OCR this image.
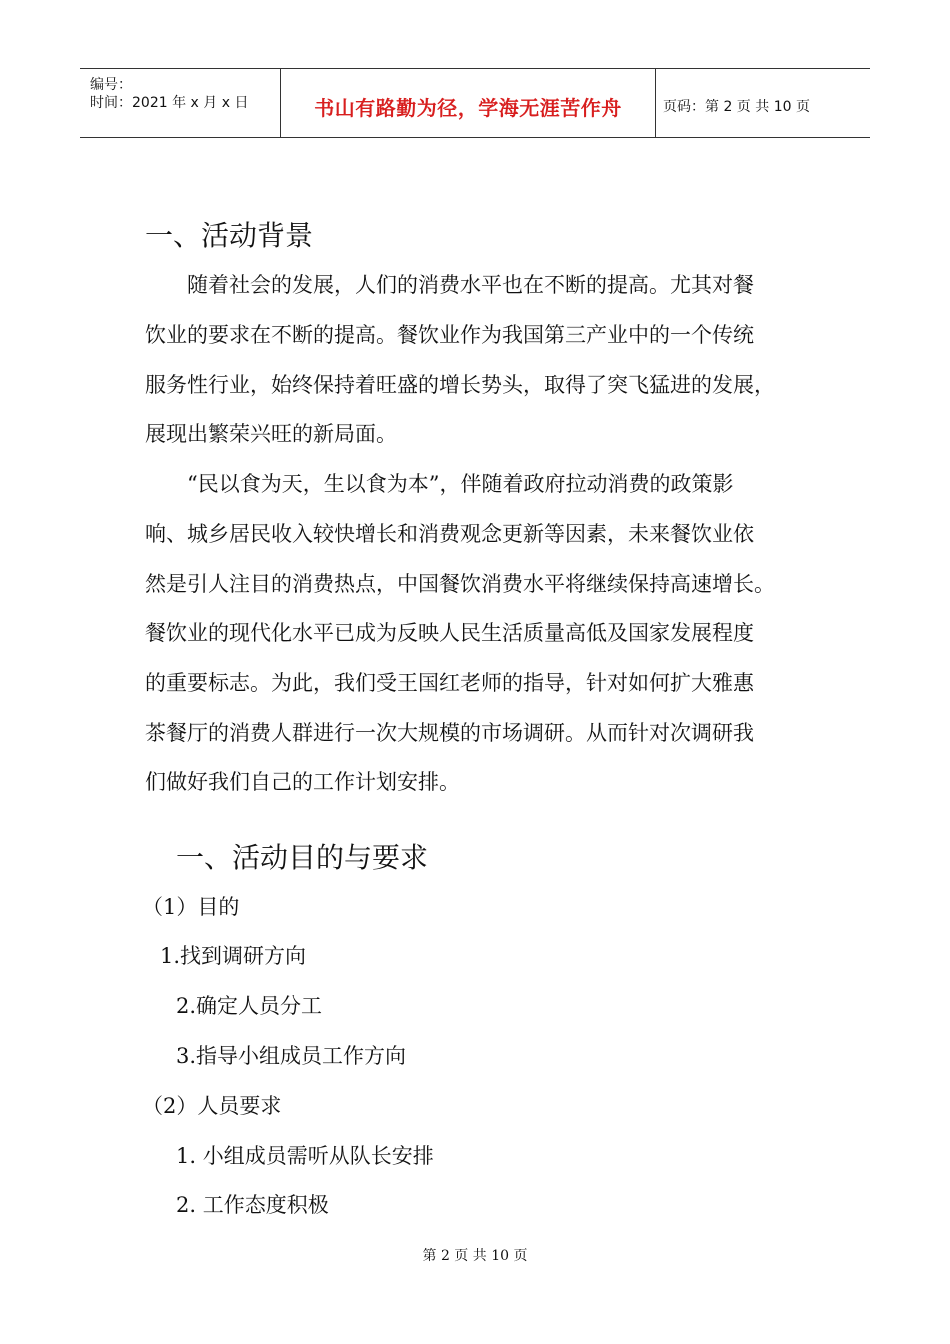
编号：
时间：2021 年 x 月 x 日	书山有路勤为径，学海无涯苦作舟	页码：第 2 页 共 10 页
一、活动背景
随着社会的发展，人们的消费水平也在不断的提高。尤其对餐
饮业的要求在不断的提高。餐饮业作为我国第三产业中的一个传统
服务性行业，始终保持着旺盛的增长势头，取得了突飞猛进的发展，
展现出繁荣兴旺的新局面。
“民以食为天，生以食为本”，伴随着政府拉动消费的政策影
响、城乡居民收入较快增长和消费观念更新等因素，未来餐饮业依
然是引人注目的消费热点，中国餐饮消费水平将继续保持高速增长。
餐饮业的现代化水平已成为反映人民生活质量高低及国家发展程度
的重要标志。为此，我们受王国红老师的指导，针对如何扩大雅惠
茶餐厅的消费人群进行一次大规模的市场调研。从而针对次调研我
们做好我们自己的工作计划安排。
一、活动目的与要求
（1）目的
1.找到调研方向
2.确定人员分工
3.指导小组成员工作方向
（2）人员要求
1. 小组成员需听从队长安排
2. 工作态度积极
第 2 页 共 10 页
